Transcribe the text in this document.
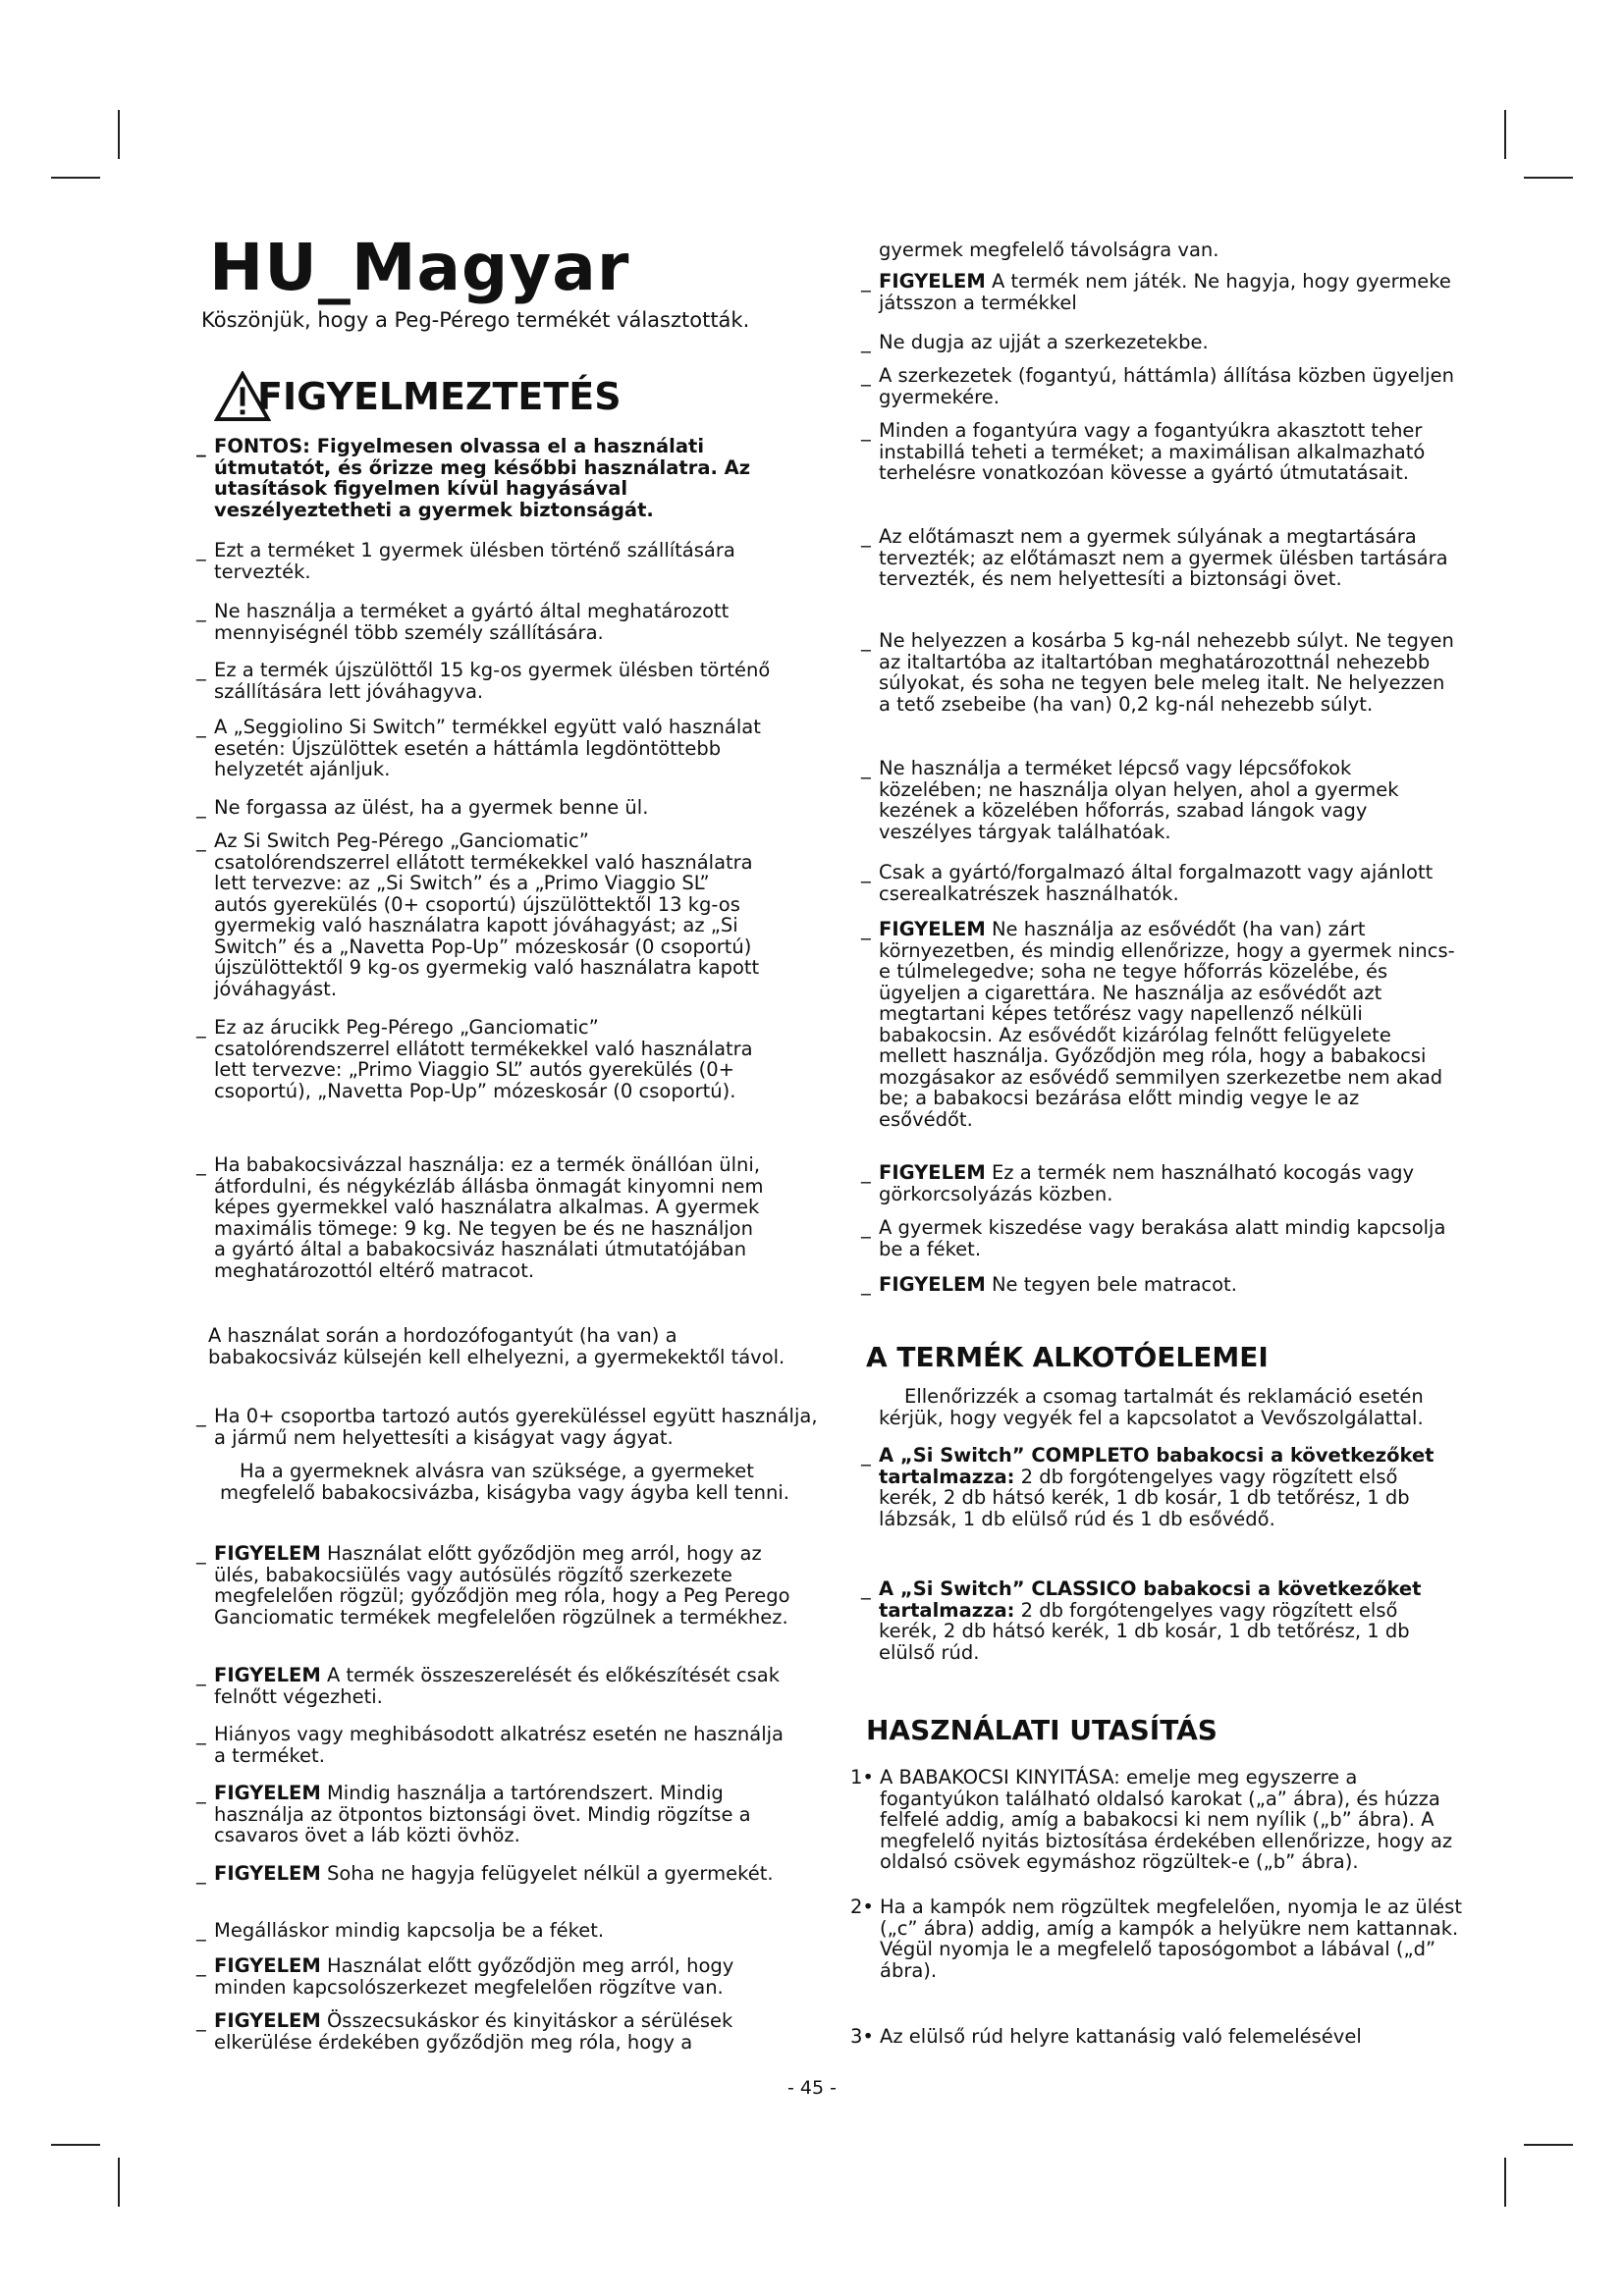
HU_Magyar

Köszönjük, hogy a Peg-Pérego termékét választották.

FIGYELMEZTETÉS

_ FONTOS: Figyelmesen olvassa el a használati útmutatót, és őrizze meg későbbi használatra. Az utasítások figyelmen kívül hagyásával veszélyeztetheti a gyermek biztonságát.

_ Ezt a terméket 1 gyermek ülésben történő szállítására tervezték.

_ Ne használja a terméket a gyártó által meghatározott mennyiségnél több személy szállítására.

_ Ez a termék újszülöttől 15 kg-os gyermek ülésben történő szállítására lett jóváhagyva.

_ A „Seggiolino Si Switch” termékkel együtt való használat esetén: Újszülöttek esetén a háttámla legdöntöttebb helyzetét ajánljuk.

_ Ne forgassa az ülést, ha a gyermek benne ül.

_ Az Si Switch Peg-Pérego „Ganciomatic” csatolórendszerrel ellátott termékekkel való használatra lett tervezve: az „Si Switch” és a „Primo Viaggio SL” autós gyerekülés (0+ csoportú) újszülöttektől 13 kg-os gyermekig való használatra kapott jóváhagyást; az „Si Switch” és a „Navetta Pop-Up” mózeskosár (0 csoportú) újszülöttektől 9 kg-os gyermekig való használatra kapott jóváhagyást.

_ Ez az árucikk Peg-Pérego „Ganciomatic” csatolórendszerrel ellátott termékekkel való használatra lett tervezve: „Primo Viaggio SL” autós gyerekülés (0+ csoportú), „Navetta Pop-Up” mózeskosár (0 csoportú).

_ Ha babakocsivázzal használja: ez a termék önállóan ülni, átfordulni, és négykézláb állásba önmagát kinyomni nem képes gyermekkel való használatra alkalmas. A gyermek maximális tömege: 9 kg. Ne tegyen be és ne használjon a gyártó által a babakocsiváz használati útmutatójában meghatározottól eltérő matracot.

A használat során a hordozófogantyút (ha van) a babakocsiváz külsején kell elhelyezni, a gyermekektől távol.

_ Ha 0+ csoportba tartozó autós gyereküléssel együtt használja, a jármű nem helyettesíti a kiságyat vagy ágyat.

Ha a gyermeknek alvásra van szüksége, a gyermeket megfelelő babakocsivázba, kiságyba vagy ágyba kell tenni.

_ FIGYELEM Használat előtt győződjön meg arról, hogy az ülés, babakocsiülés vagy autósülés rögzítő szerkezete megfelelően rögzül; győződjön meg róla, hogy a Peg Perego Ganciomatic termékek megfelelően rögzülnek a termékhez.

_ FIGYELEM A termék összeszerelését és előkészítését csak felnőtt végezheti.

_ Hiányos vagy meghibásodott alkatrész esetén ne használja a terméket.

_ FIGYELEM Mindig használja a tartórendszert. Mindig használja az ötpontos biztonsági övet. Mindig rögzítse a csavaros övet a láb közti övhöz.

_ FIGYELEM Soha ne hagyja felügyelet nélkül a gyermekét.

_ Megálláskor mindig kapcsolja be a féket.

_ FIGYELEM Használat előtt győződjön meg arról, hogy minden kapcsolószerkezet megfelelően rögzítve van.

_ FIGYELEM Összecsukáskor és kinyitáskor a sérülések elkerülése érdekében győződjön meg róla, hogy a

gyermek megfelelő távolságra van.

_ FIGYELEM A termék nem játék. Ne hagyja, hogy gyermeke játsszon a termékkel

_ Ne dugja az ujját a szerkezetekbe.

_ A szerkezetek (fogantyú, háttámla) állítása közben ügyeljen gyermekére.

_ Minden a fogantyúra vagy a fogantyúkra akasztott teher instabillá teheti a terméket; a maximálisan alkalmazható terhelésre vonatkozóan kövesse a gyártó útmutatásait.

_ Az előtámaszt nem a gyermek súlyának a megtartására tervezték; az előtámaszt nem a gyermek ülésben tartására tervezték, és nem helyettesíti a biztonsági övet.

_ Ne helyezzen a kosárba 5 kg-nál nehezebb súlyt. Ne tegyen az italtartóba az italtartóban meghatározottnál nehezebb súlyokat, és soha ne tegyen bele meleg italt. Ne helyezzen a tető zsebeibe (ha van) 0,2 kg-nál nehezebb súlyt.

_ Ne használja a terméket lépcső vagy lépcsőfokok közelében; ne használja olyan helyen, ahol a gyermek kezének a közelében hőforrás, szabad lángok vagy veszélyes tárgyak találhatóak.

_ Csak a gyártó/forgalmazó által forgalmazott vagy ajánlott cserealkatrészek használhatók.

_ FIGYELEM Ne használja az esővédőt (ha van) zárt környezetben, és mindig ellenőrizze, hogy a gyermek nincs-e túlmelegedve; soha ne tegye hőforrás közelébe, és ügyeljen a cigarettára. Ne használja az esővédőt azt megtartani képes tetőrész vagy napellenző nélküli babakocsin. Az esővédőt kizárólag felnőtt felügyelete mellett használja. Győződjön meg róla, hogy a babakocsi mozgásakor az esővédő semmilyen szerkezetbe nem akad be; a babakocsi bezárása előtt mindig vegye le az esővédőt.

_ FIGYELEM Ez a termék nem használható kocogás vagy görkorcsolyázás közben.

_ A gyermek kiszedése vagy berakása alatt mindig kapcsolja be a féket.

_ FIGYELEM Ne tegyen bele matracot.

A TERMÉK ALKOTÓELEMEI

Ellenőrizzék a csomag tartalmát és reklamáció esetén kérjük, hogy vegyék fel a kapcsolatot a Vevőszolgálattal.

_ A „Si Switch” COMPLETO babakocsi a következőket tartalmazza: 2 db forgótengelyes vagy rögzített első kerék, 2 db hátsó kerék, 1 db kosár, 1 db tetőrész, 1 db lábzsák, 1 db elülső rúd és 1 db esővédő.

_ A „Si Switch” CLASSICO babakocsi a következőket tartalmazza: 2 db forgótengelyes vagy rögzített első kerék, 2 db hátsó kerék, 1 db kosár, 1 db tetőrész, 1 db elülső rúd.

HASZNÁLATI UTASÍTÁS

1• A BABAKOCSI KINYITÁSA: emelje meg egyszerre a fogantyúkon található oldalsó karokat („a” ábra), és húzza felfelé addig, amíg a babakocsi ki nem nyílik („b” ábra). A megfelelő nyitás biztosítása érdekében ellenőrizze, hogy az oldalsó csövek egymáshoz rögzültek-e („b” ábra).

2• Ha a kampók nem rögzültek megfelelően, nyomja le az ülést („c” ábra) addig, amíg a kampók a helyükre nem kattannak. Végül nyomja le a megfelelő taposógombot a lábával („d” ábra).

3• Az elülső rúd helyre kattanásig való felemelésével

- 45 -
